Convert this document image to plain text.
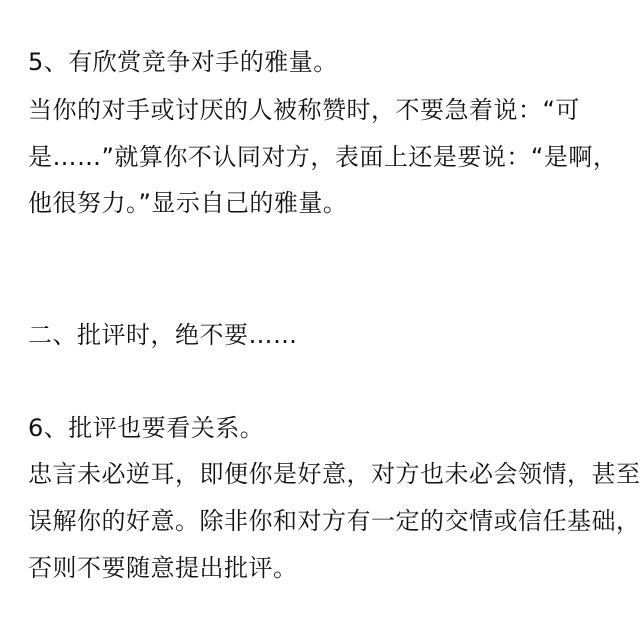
5、有欣赏竞争对手的雅量。
当你的对手或讨厌的人被称赞时，不要急着说：“可
是……”就算你不认同对方，表面上还是要说：“是啊，
他很努力。”显示自己的雅量。
二、批评时，绝不要……
6、批评也要看关系。
忠言未必逆耳，即便你是好意，对方也未必会领情，甚至
误解你的好意。除非你和对方有一定的交情或信任基础，
否则不要随意提出批评。
